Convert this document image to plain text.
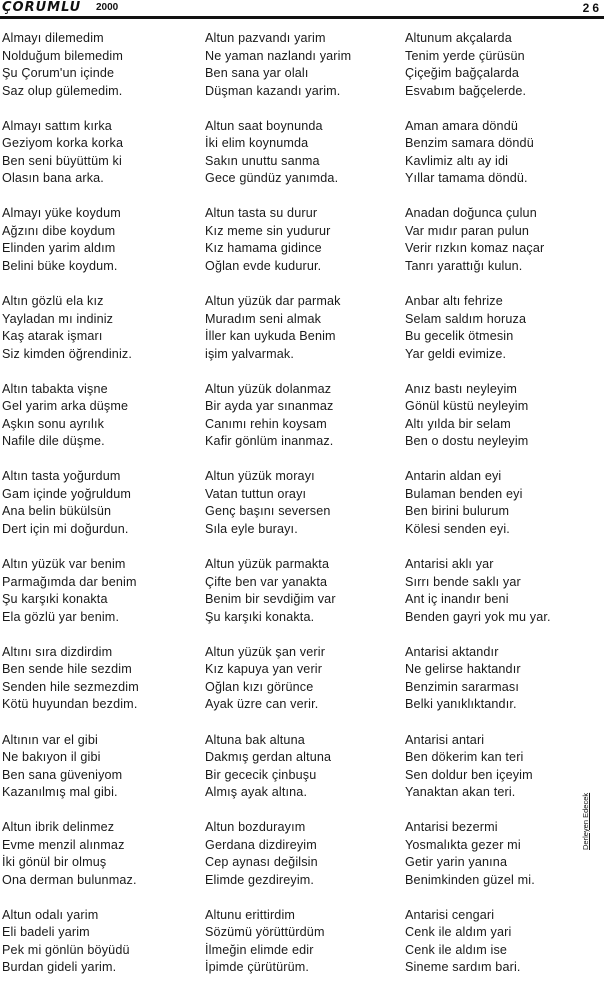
ÇORUMLU 2000	26
Almayı dilemedim
Nolduğum bilemedim
Şu Çorum'un içinde
Saz olup gülemedim.
Almayı sattım kırka
Geziyom korka korka
Ben seni büyüttüm ki
Olasın bana arka.
Almayı yüke koydum
Ağzını dibe koydum
Elinden yarim aldım
Belini büke koydum.
Altın gözlü ela kız
Yayladan mı indiniz
Kaş atarak işmarı
Siz kimden öğrendiniz.
Altın tabakta vişne
Gel yarim arka düşme
Aşkın sonu ayrılık
Nafile dile düşme.
Altın tasta yoğurdum
Gam içinde yoğruldum
Ana belin bükülsün
Dert için mi doğurdun.
Altın yüzük var benim
Parmağımda dar benim
Şu karşıki konakta
Ela gözlü yar benim.
Altını sıra dizdirdim
Ben sende hile sezdim
Senden hile sezmezdim
Kötü huyundan bezdim.
Altının var el gibi
Ne bakıyon il gibi
Ben sana güveniyom
Kazanılmış mal gibi.
Altun ibrik delinmez
Evme menzil alınmaz
İki gönül bir olmuş
Ona derman bulunmaz.
Altun odalı yarim
Eli badeli yarim
Pek mi gönlün böyüdü
Burdan gideli yarim.
Altun pazvandı yarim
Ne yaman nazlandı yarim
Ben sana yar olalı
Düşman kazandı yarim.
Altun saat boynunda
İki elim koynumda
Sakın unuttu sanma
Gece gündüz yanımda.
Altun tasta su durur
Kız meme sin yudurur
Kız hamama gidince
Oğlan evde kudurur.
Altun yüzük dar parmak
Muradım seni almak
İller kan uykuda Benim
işim yalvarmak.
Altun yüzük dolanmaz
Bir ayda yar sınanmaz
Canımı rehin koysam
Kafir gönlüm inanmaz.
Altun yüzük morayı
Vatan tuttun orayı
Genç başını seversen
Sıla eyle burayı.
Altun yüzük parmakta
Çifte ben var yanakta
Benim bir sevdiğim var
Şu karşıki konakta.
Altun yüzük şan verir
Kız kapuya yan verir
Oğlan kızı görünce
Ayak üzre can verir.
Altuna bak altuna
Dakmış gerdan altuna
Bir gececik çinbuşu
Almış ayak altına.
Altun bozdurayım
Gerdana dizdireyim
Cep aynası değilsin
Elimde gezdireyim.
Altunu erittirdim
Sözümü yörüttürdüm
İlmeğin elimde edir
İpimde çürütürüm.
Altunum akçalarda
Tenim yerde çürüsün
Çiçeğim bağçalarda
Esvabım bağçelerde.
Aman amara döndü
Benzim samara döndü
Kavlimiz altı ay idi
Yıllar tamama döndü.
Anadan doğunca çulun
Var mıdır paran pulun
Verir rızkın komaz naçar
Tanrı yarattığı kulun.
Anbar altı fehrize
Selam saldım horuza
Bu gecelik ötmesin
Yar geldi evimize.
Anız bastı neyleyim
Gönül küstü neyleyim
Altı yılda bir selam
Ben o dostu neyleyim
Antarin aldan eyi
Bulaman benden eyi
Ben birini bulurum
Kölesi senden eyi.
Antarisi aklı yar
Sırrı bende saklı yar
Ant iç inandır beni
Benden gayri yok mu yar.
Antarisi aktandır
Ne gelirse haktandır
Benzimin sararması
Belki yanıklıktandır.
Antarisi antari
Ben dökerim kan teri
Sen doldur ben içeyim
Yanaktan akan teri.
Antarisi bezermi
Yosmalıkta gezer mi
Getir yarin yanına
Benimkinden güzel mi.
Antarisi cengari
Cenk ile aldım yari
Cenk ile aldım ise
Sineme sardım bari.
Derleyen Edecek
